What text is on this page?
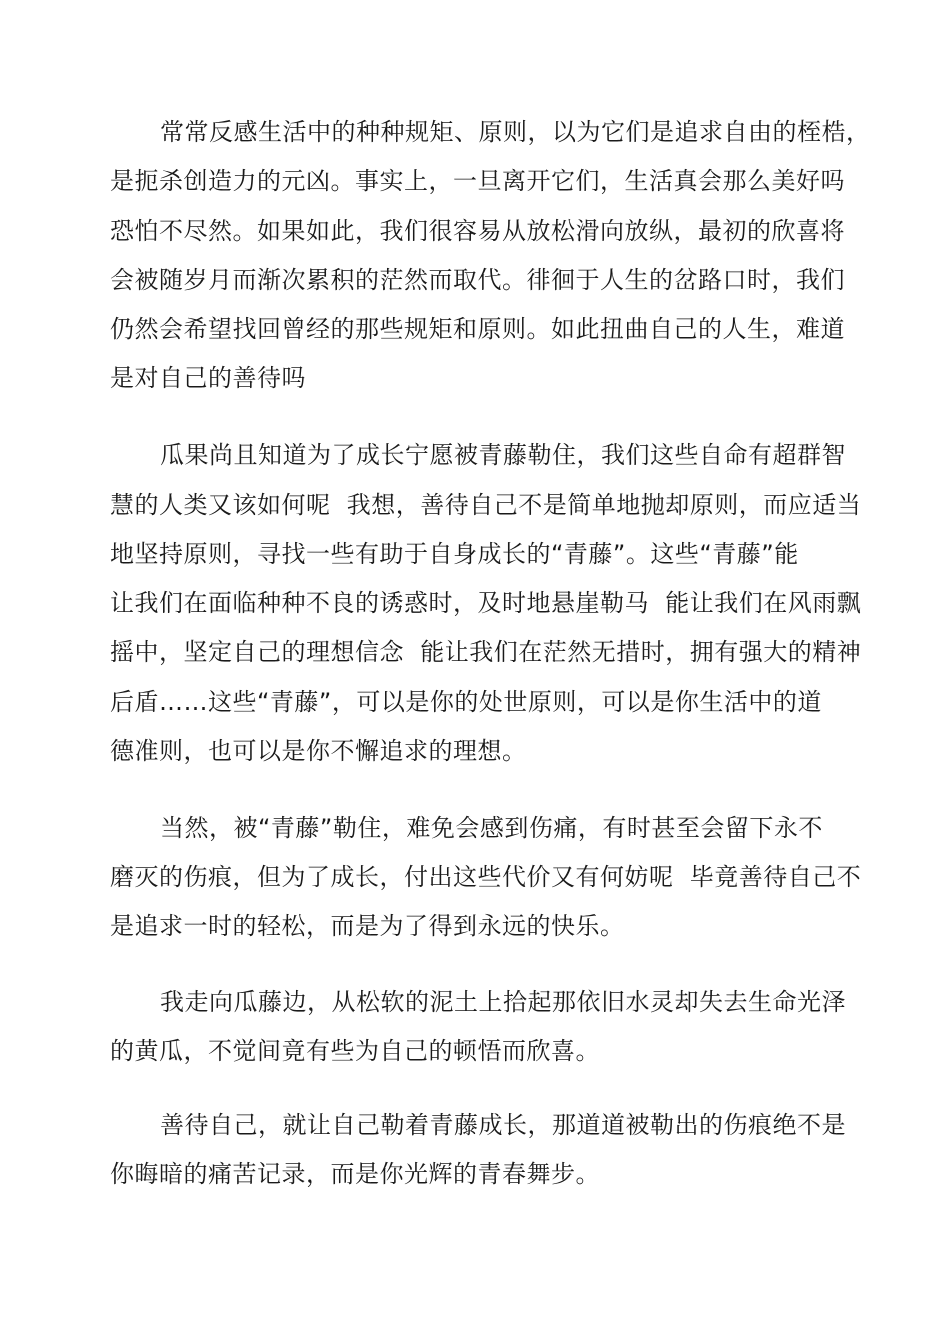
常常反感生活中的种种规矩、原则，以为它们是追求自由的桎梏，
是扼杀创造力的元凶。事实上，一旦离开它们，生活真会那么美好吗
恐怕不尽然。如果如此，我们很容易从放松滑向放纵，最初的欣喜将
会被随岁月而渐次累积的茫然而取代。徘徊于人生的岔路口时，我们
仍然会希望找回曾经的那些规矩和原则。如此扭曲自己的人生，难道
是对自己的善待吗
瓜果尚且知道为了成长宁愿被青藤勒住，我们这些自命有超群智
慧的人类又该如何呢  我想，善待自己不是简单地抛却原则，而应适当
地坚持原则，寻找一些有助于自身成长的“青藤”。这些“青藤”能
让我们在面临种种不良的诱惑时，及时地悬崖勒马  能让我们在风雨飘
摇中，坚定自己的理想信念  能让我们在茫然无措时，拥有强大的精神
后盾……这些“青藤”，可以是你的处世原则，可以是你生活中的道
德准则，也可以是你不懈追求的理想。
当然，被“青藤”勒住，难免会感到伤痛，有时甚至会留下永不
磨灭的伤痕，但为了成长，付出这些代价又有何妨呢  毕竟善待自己不
是追求一时的轻松，而是为了得到永远的快乐。
我走向瓜藤边，从松软的泥土上拾起那依旧水灵却失去生命光泽
的黄瓜，不觉间竟有些为自己的顿悟而欣喜。
善待自己，就让自己勒着青藤成长，那道道被勒出的伤痕绝不是
你晦暗的痛苦记录，而是你光辉的青春舞步。
